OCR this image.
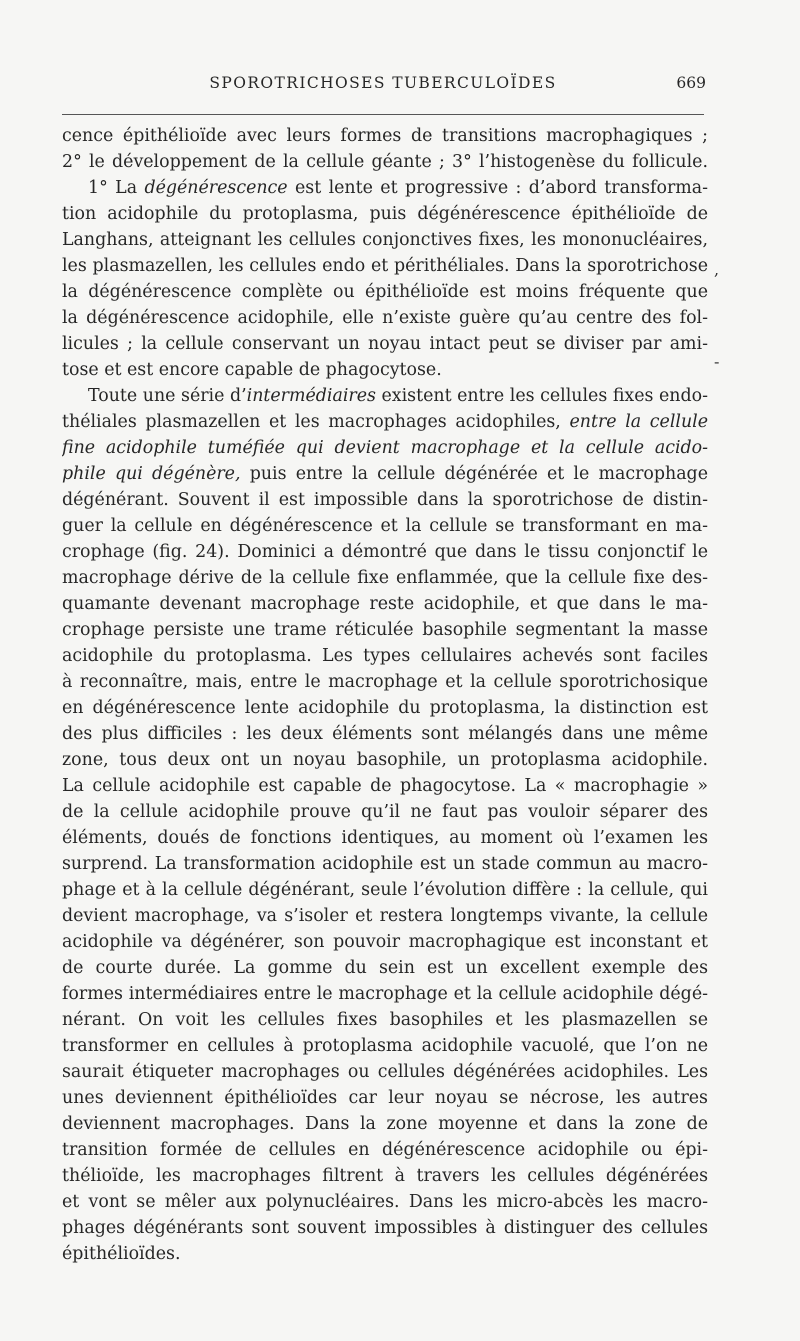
SPOROTRICHOSES TUBERCULOÏDES	669
cence épithélioïde avec leurs formes de transitions macrophagiques ;
2° le développement de la cellule géante ; 3° l’histogenèse du follicule.
1° La dégénérescence est lente et progressive : d’abord transforma-
tion acidophile du protoplasma, puis dégénérescence épithélioïde de
Langhans, atteignant les cellules conjonctives fixes, les mononucléaires,
les plasmazellen, les cellules endo et périthéliales. Dans la sporotrichose
la dégénérescence complète ou épithélioïde est moins fréquente que
la dégénérescence acidophile, elle n’existe guère qu’au centre des fol-
licules ; la cellule conservant un noyau intact peut se diviser par ami-
tose et est encore capable de phagocytose.
Toute une série d’intermédiaires existent entre les cellules fixes endo-
théliales plasmazellen et les macrophages acidophiles, entre la cellule
fine acidophile tuméfiée qui devient macrophage et la cellule acido-
phile qui dégénère, puis entre la cellule dégénérée et le macrophage
dégénérant. Souvent il est impossible dans la sporotrichose de distin-
guer la cellule en dégénérescence et la cellule se transformant en ma-
crophage (fig. 24). Dominici a démontré que dans le tissu conjonctif le
macrophage dérive de la cellule fixe enflammée, que la cellule fixe des-
quamante devenant macrophage reste acidophile, et que dans le ma-
crophage persiste une trame réticulée basophile segmentant la masse
acidophile du protoplasma. Les types cellulaires achevés sont faciles
à reconnaître, mais, entre le macrophage et la cellule sporotrichosique
en dégénérescence lente acidophile du protoplasma, la distinction est
des plus difficiles : les deux éléments sont mélangés dans une même
zone, tous deux ont un noyau basophile, un protoplasma acidophile.
La cellule acidophile est capable de phagocytose. La « macrophagie »
de la cellule acidophile prouve qu’il ne faut pas vouloir séparer des
éléments, doués de fonctions identiques, au moment où l’examen les
surprend. La transformation acidophile est un stade commun au macro-
phage et à la cellule dégénérant, seule l’évolution diffère : la cellule, qui
devient macrophage, va s’isoler et restera longtemps vivante, la cellule
acidophile va dégénérer, son pouvoir macrophagique est inconstant et
de courte durée. La gomme du sein est un excellent exemple des
formes intermédiaires entre le macrophage et la cellule acidophile dégé-
nérant. On voit les cellules fixes basophiles et les plasmazellen se
transformer en cellules à protoplasma acidophile vacuolé, que l’on ne
saurait étiqueter macrophages ou cellules dégénérées acidophiles. Les
unes deviennent épithélioïdes car leur noyau se nécrose, les autres
deviennent macrophages. Dans la zone moyenne et dans la zone de
transition formée de cellules en dégénérescence acidophile ou épi-
thélioïde, les macrophages filtrent à travers les cellules dégénérées
et vont se mêler aux polynucléaires. Dans les micro-abcès les macro-
phages dégénérants sont souvent impossibles à distinguer des cellules
épithélioïdes.
,
-
